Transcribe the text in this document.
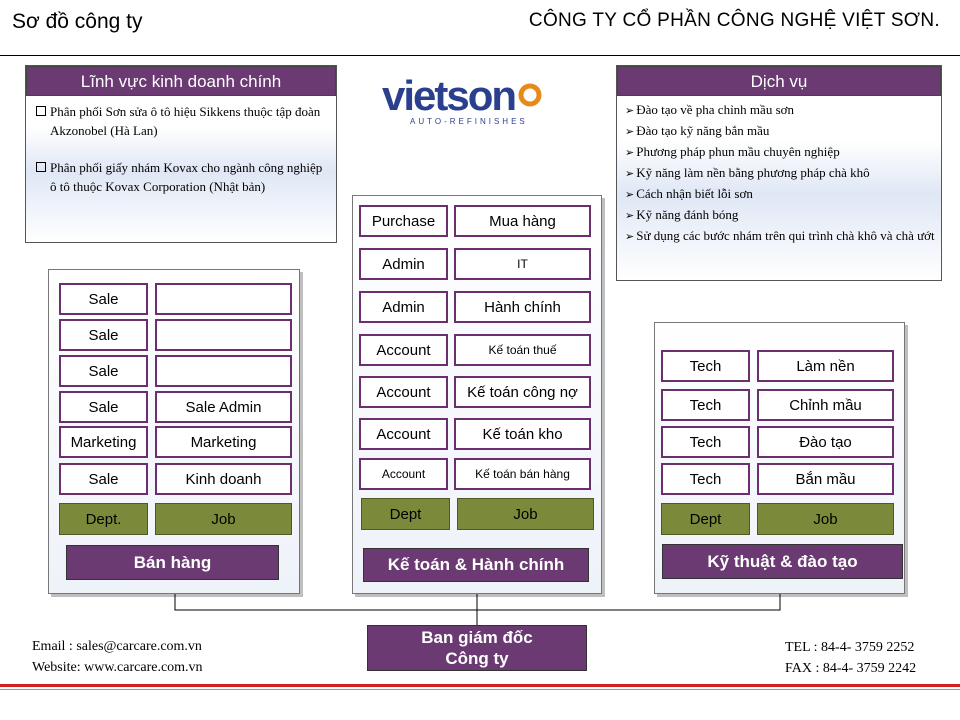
Sơ đồ công ty	CÔNG TY CỔ PHẦN CÔNG NGHỆ VIỆT SƠN.
Lĩnh vực kinh doanh chính
Phân phối Sơn sửa ô tô hiệu Sikkens thuộc tập đoàn Akzonobel (Hà Lan)
Phân phối giấy nhám Kovax cho ngành công nghiệp ô tô thuộc Kovax Corporation (Nhật bản)
vietson
AUTO-REFINISHES
Dịch vụ
➢ Đào tạo về pha chỉnh mầu sơn
➢ Đào tạo kỹ năng bắn mầu
➢ Phương pháp phun mầu chuyên nghiệp
➢ Kỹ năng làm nền bằng phương pháp chà khô
➢ Cách nhận biết lỗi sơn
➢ Kỹ năng đánh bóng
➢ Sử dụng các bước nhám trên qui trình chà khô và chà ướt
Sale
Sale
Sale
Sale	Sale Admin
Marketing	Marketing
Sale	Kinh doanh
Dept.	Job
Bán hàng
Purchase	Mua hàng
Admin	IT
Admin	Hành chính
Account	Kế toán thuế
Account	Kế toán công nợ
Account	Kế toán kho
Account	Kế toán bán hàng
Dept	Job
Kế toán & Hành chính
Tech	Làm nền
Tech	Chỉnh mầu
Tech	Đào tạo
Tech	Bắn mầu
Dept	Job
Kỹ thuật & đào tạo
Ban giám đốc
Công ty
Email : sales@carcare.com.vn
Website: www.carcare.com.vn
TEL : 84-4- 3759 2252
FAX : 84-4- 3759 2242
